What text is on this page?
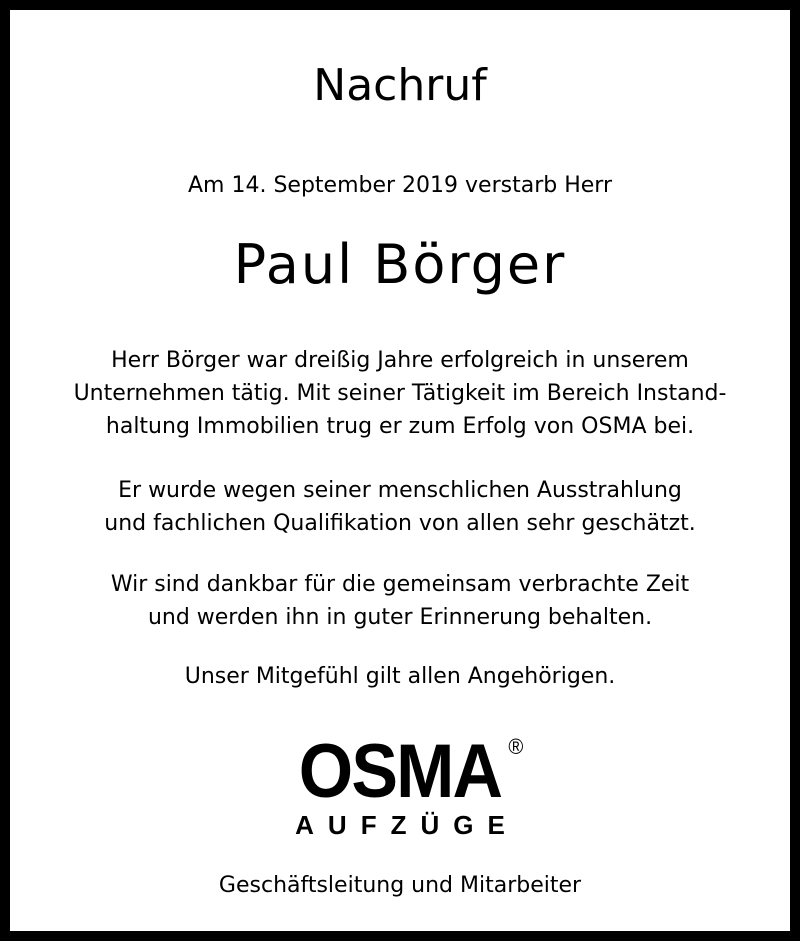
Nachruf
Am 14. September 2019 verstarb Herr
Paul Börger
Herr Börger war dreißig Jahre erfolgreich in unserem
Unternehmen tätig. Mit seiner Tätigkeit im Bereich Instand-
haltung Immobilien trug er zum Erfolg von OSMA bei.
Er wurde wegen seiner menschlichen Ausstrahlung
und fachlichen Qualifikation von allen sehr geschätzt.
Wir sind dankbar für die gemeinsam verbrachte Zeit
und werden ihn in guter Erinnerung behalten.
Unser Mitgefühl gilt allen Angehörigen.
OSMA ®
AUFZÜGE
Geschäftsleitung und Mitarbeiter
